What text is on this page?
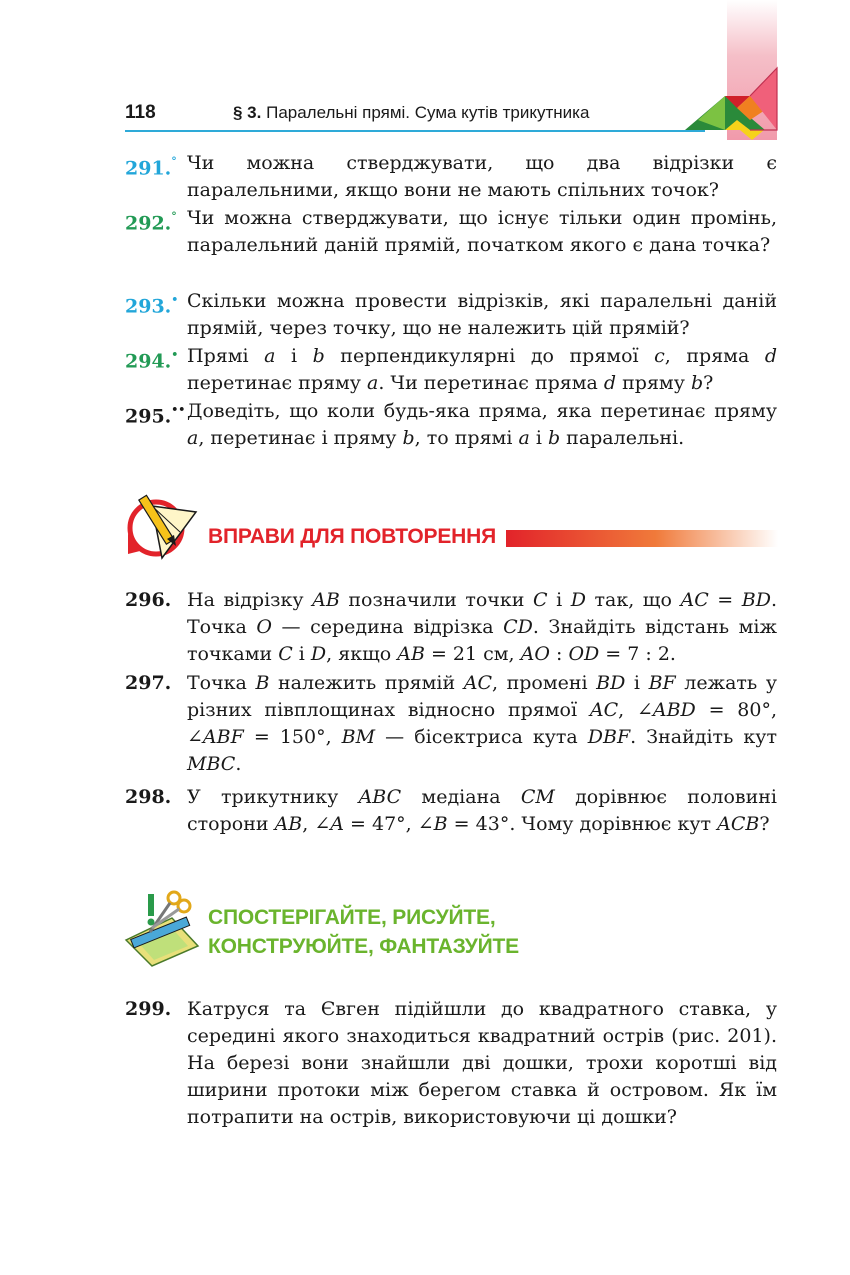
118	§ 3. Паралельні прямі. Сума кутів трикутника
291.° Чи можна стверджувати, що два відрізки є паралельними, якщо вони не мають спільних точок?
292.° Чи можна стверджувати, що існує тільки один промінь, паралельний даній прямій, початком якого є дана точка?
293.• Скільки можна провести відрізків, які паралельні даній прямій, через точку, що не належить цій прямій?
294.• Прямі a і b перпендикулярні до прямої c, пряма d перетинає пряму a. Чи перетинає пряма d пряму b?
295.•• Доведіть, що коли будь-яка пряма, яка перетинає пряму a, перетинає і пряму b, то прямі a і b паралельні.
ВПРАВИ ДЛЯ ПОВТОРЕННЯ
296. На відрізку AB позначили точки C і D так, що AC = BD. Точка O — середина відрізка CD. Знайдіть відстань між точками C і D, якщо AB = 21 см, AO : OD = 7 : 2.
297. Точка B належить прямій AC, промені BD і BF лежать у різних півплощинах відносно прямої AC, ∠ABD = 80°, ∠ABF = 150°, BM — бісектриса кута DBF. Знайдіть кут MBC.
298. У трикутнику ABC медіана CM дорівнює половині сторони AB, ∠A = 47°, ∠B = 43°. Чому дорівнює кут ACB?
СПОСТЕРІГАЙТЕ, РИСУЙТЕ,
КОНСТРУЮЙТЕ, ФАНТАЗУЙТЕ
299. Катруся та Євген підійшли до квадратного ставка, у середині якого знаходиться квадратний острів (рис. 201). На березі вони знайшли дві дошки, трохи коротші від ширини протоки між берегом ставка й островом. Як їм потрапити на острів, використовуючи ці дошки?
